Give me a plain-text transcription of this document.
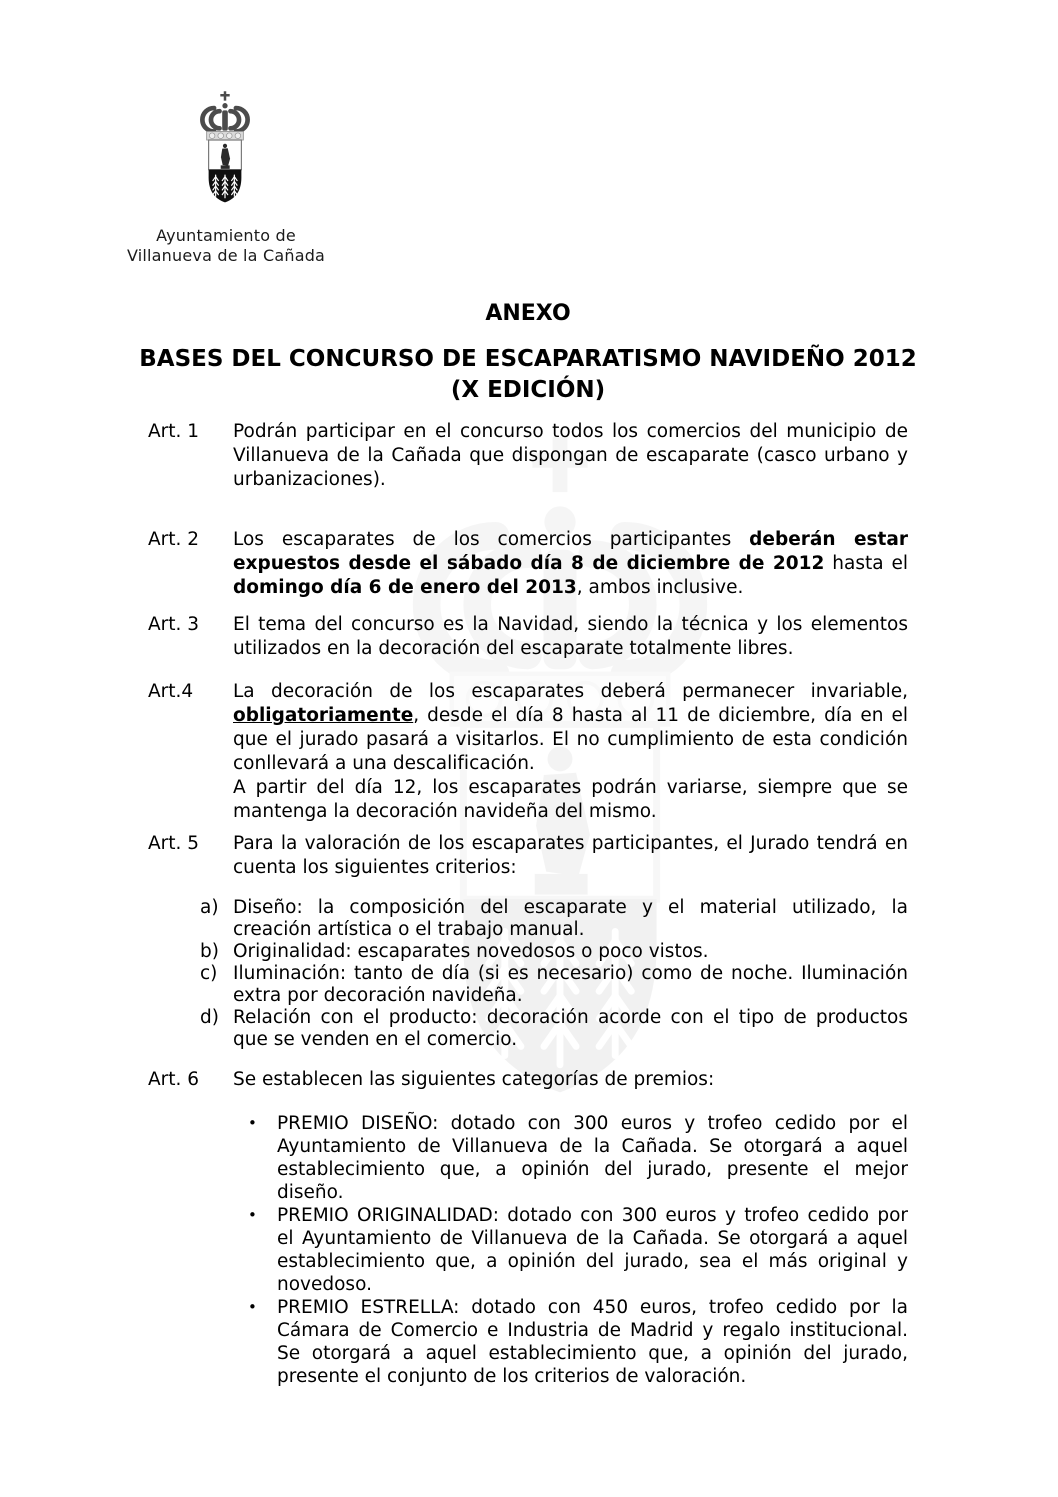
Ayuntamiento de
Villanueva de la Cañada
ANEXO
BASES DEL CONCURSO DE ESCAPARATISMO NAVIDEÑO 2012
(X EDICIÓN)
Art. 1	Podrán participar en el concurso todos los comercios del municipio de Villanueva de la Cañada que dispongan de escaparate (casco urbano y urbanizaciones).
Art. 2	Los escaparates de los comercios participantes deberán estar expuestos desde el sábado día 8 de diciembre de 2012 hasta el domingo día 6 de enero del 2013, ambos inclusive.
Art. 3	El tema del concurso es la Navidad, siendo la técnica y los elementos utilizados en la decoración del escaparate totalmente libres.
Art.4	La decoración de los escaparates deberá permanecer invariable, obligatoriamente, desde el día 8 hasta al 11 de diciembre, día en el que el jurado pasará a visitarlos. El no cumplimiento de esta condición conllevará a una descalificación.

A partir del día 12, los escaparates podrán variarse, siempre que se mantenga la decoración navideña del mismo.

Art. 5	Para la valoración de los escaparates participantes, el Jurado tendrá en cuenta los siguientes criterios:
a) Diseño: la composición del escaparate y el material utilizado, la creación artística o el trabajo manual.
b) Originalidad: escaparates novedosos o poco vistos.
c) Iluminación: tanto de día (si es necesario) como de noche. Iluminación extra por decoración navideña.
d) Relación con el producto: decoración acorde con el tipo de productos que se venden en el comercio.
Art. 6	Se establecen las siguientes categorías de premios:
•	PREMIO DISEÑO: dotado con 300 euros y trofeo cedido por el Ayuntamiento de Villanueva de la Cañada. Se otorgará a aquel establecimiento que, a opinión del jurado, presente el mejor diseño.
•	PREMIO ORIGINALIDAD: dotado con 300 euros y trofeo cedido por el Ayuntamiento de Villanueva de la Cañada. Se otorgará a aquel establecimiento que, a opinión del jurado, sea el más original y novedoso.
•	PREMIO ESTRELLA: dotado con 450 euros, trofeo cedido por la Cámara de Comercio e Industria de Madrid y regalo institucional. Se otorgará a aquel establecimiento que, a opinión del jurado, presente el conjunto de los criterios de valoración.
